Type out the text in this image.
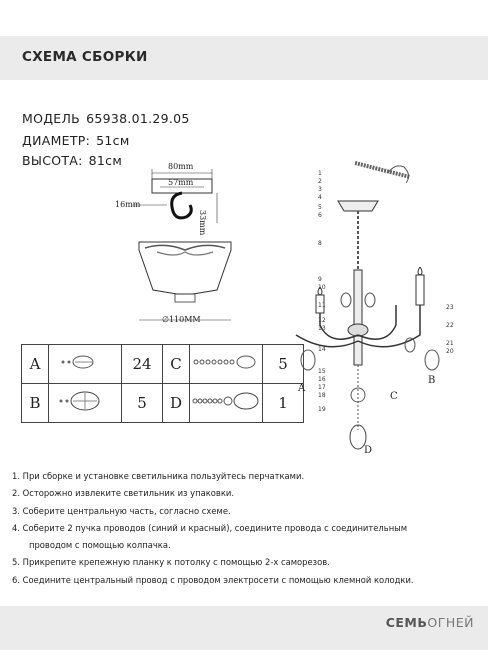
СХЕМА СБОРКИ
МОДЕЛЬ 65938.01.29.05
ДИАМЕТР: 51см
ВЫСОТА: 81см	80mm
57mm
16mm
33mm
∅110MM
A		24	C		5
B		5	D		1
1
2
3
4
5
6
8
9
10
11
12
13
14
15
16
17
18
19
23
22
21
20
B
C
D
A
1. При сборке и установке светильника пользуйтесь перчатками.
2. Осторожно извлеките светильник из упаковки.
3. Соберите центральную часть, согласно схеме.
4. Соберите 2 пучка проводов (синий и красный), соедините провода с соединительным
проводом с помощью колпачка.
5. Прикрепите крепежную планку к потолку с помощью 2-х саморезов.
6. Соедините центральный провод с проводом электросети с помощью клемной колодки.
СЕМЬОГНЕЙ
